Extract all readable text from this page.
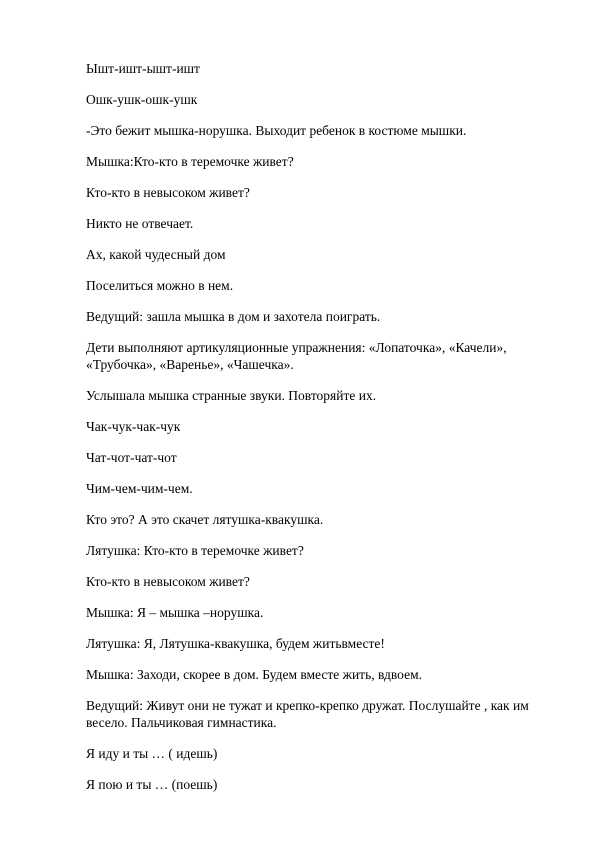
Ышт-ишт-ышт-ишт

Ошк-ушк-ошк-ушк

-Это бежит мышка-норушка. Выходит ребенок в костюме мышки.

Мышка:Кто-кто в теремочке живет?

Кто-кто в невысоком живет?

Никто не отвечает.

Ах, какой чудесный дом

Поселиться можно в нем.

Ведущий: зашла мышка в дом и захотела поиграть.

Дети выполняют артикуляционные упражнения: «Лопаточка», «Качели», «Трубочка», «Варенье», «Чашечка».

Услышала мышка странные звуки. Повторяйте их.

Чак-чук-чак-чук

Чат-чот-чат-чот

Чим-чем-чим-чем.

Кто это? А это скачет лятушка-квакушка.

Лятушка: Кто-кто в теремочке живет?

Кто-кто в невысоком живет?

Мышка: Я – мышка –норушка.

Лятушка: Я, Лятушка-квакушка, будем житьвместе!

Мышка: Заходи, скорее в дом. Будем вместе жить, вдвоем.

Ведущий: Живут они не тужат и крепко-крепко дружат. Послушайте , как им весело. Пальчиковая гимнастика.

Я иду и ты … ( идешь)

Я пою и ты … (поешь)
